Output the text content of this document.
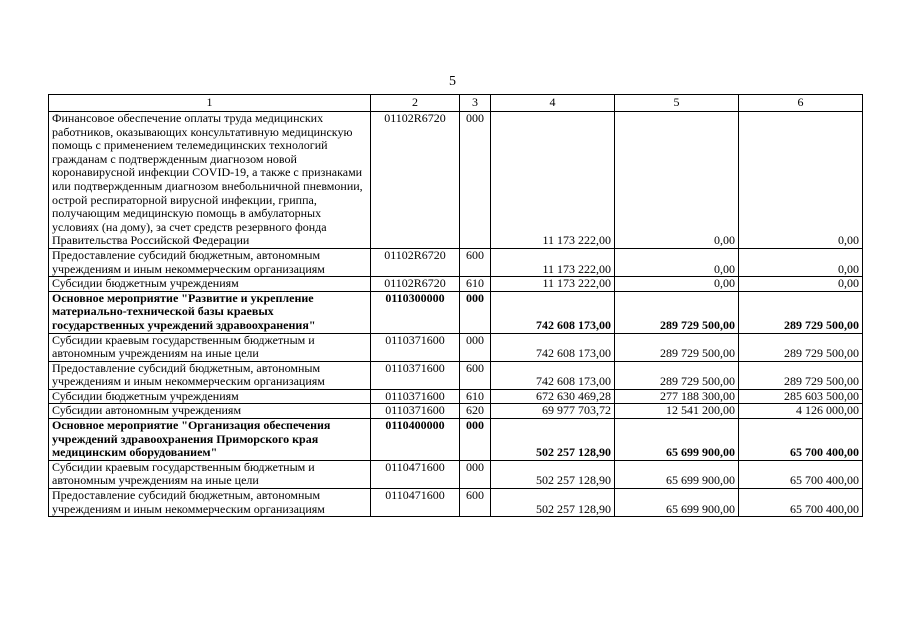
5
1	2	3	4	5	6
Финансовое обеспечение оплаты труда медицинских работников, оказывающих консультативную медицинскую помощь с применением телемедицинских технологий гражданам с подтвержденным диагнозом новой коронавирусной инфекции COVID-19, а также с признаками или подтвержденным диагнозом внебольничной пневмонии, острой респираторной вирусной инфекции, гриппа, получающим медицинскую помощь в амбулаторных условиях (на дому), за счет средств резервного фонда Правительства Российской Федерации	01102R6720	000	11 173 222,00	0,00	0,00
Предоставление субсидий бюджетным, автономным учреждениям и иным некоммерческим организациям	01102R6720	600	11 173 222,00	0,00	0,00
Субсидии бюджетным учреждениям	01102R6720	610	11 173 222,00	0,00	0,00
Основное мероприятие "Развитие и укрепление материально-технической базы краевых государственных учреждений здравоохранения"	0110300000	000	742 608 173,00	289 729 500,00	289 729 500,00
Субсидии краевым государственным бюджетным и автономным учреждениям на иные цели	0110371600	000	742 608 173,00	289 729 500,00	289 729 500,00
Предоставление субсидий бюджетным, автономным учреждениям и иным некоммерческим организациям	0110371600	600	742 608 173,00	289 729 500,00	289 729 500,00
Субсидии бюджетным учреждениям	0110371600	610	672 630 469,28	277 188 300,00	285 603 500,00
Субсидии автономным учреждениям	0110371600	620	69 977 703,72	12 541 200,00	4 126 000,00
Основное мероприятие "Организация обеспечения учреждений здравоохранения Приморского края медицинским оборудованием"	0110400000	000	502 257 128,90	65 699 900,00	65 700 400,00
Субсидии краевым государственным бюджетным и автономным учреждениям на иные цели	0110471600	000	502 257 128,90	65 699 900,00	65 700 400,00
Предоставление субсидий бюджетным, автономным учреждениям и иным некоммерческим организациям	0110471600	600	502 257 128,90	65 699 900,00	65 700 400,00
